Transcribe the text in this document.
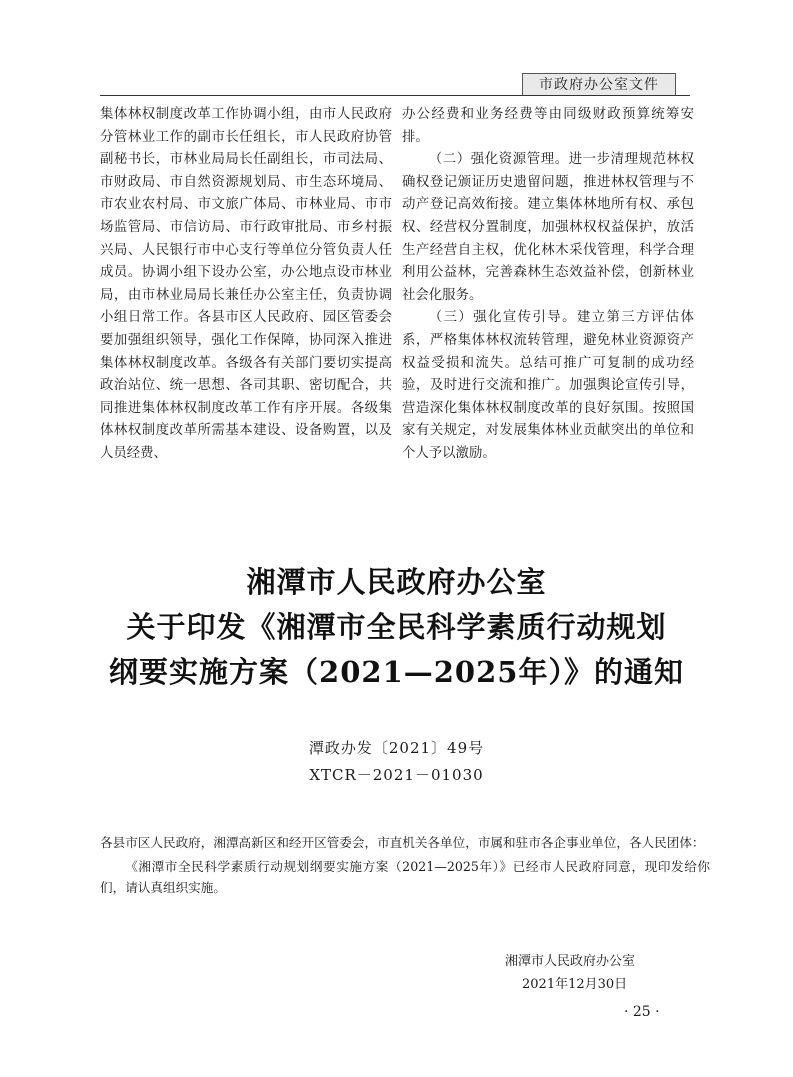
市政府办公室文件

集体林权制度改革工作协调小组，由市人民政府分管林业工作的副市长任组长，市人民政府协管副秘书长，市林业局局长任副组长，市司法局、市财政局、市自然资源规划局、市生态环境局、市农业农村局、市文旅广体局、市林业局、市市场监管局、市信访局、市行政审批局、市乡村振兴局、人民银行市中心支行等单位分管负责人任成员。协调小组下设办公室，办公地点设市林业局，由市林业局局长兼任办公室主任，负责协调小组日常工作。各县市区人民政府、园区管委会要加强组织领导，强化工作保障，协同深入推进集体林权制度改革。各级各有关部门要切实提高政治站位、统一思想、各司其职、密切配合，共同推进集体林权制度改革工作有序开展。各级集体林权制度改革所需基本建设、设备购置，以及人员经费、

办公经费和业务经费等由同级财政预算统筹安排。

（二）强化资源管理。进一步清理规范林权确权登记颁证历史遗留问题，推进林权管理与不动产登记高效衔接。建立集体林地所有权、承包权、经营权分置制度，加强林权权益保护，放活生产经营自主权，优化林木采伐管理，科学合理利用公益林，完善森林生态效益补偿，创新林业社会化服务。

（三）强化宣传引导。建立第三方评估体系，严格集体林权流转管理，避免林业资源资产权益受损和流失。总结可推广可复制的成功经验，及时进行交流和推广。加强舆论宣传引导，营造深化集体林权制度改革的良好氛围。按照国家有关规定，对发展集体林业贡献突出的单位和个人予以激励。

湘潭市人民政府办公室
关于印发《湘潭市全民科学素质行动规划
纲要实施方案（2021—2025年）》的通知
潭政办发〔2021〕49号
XTCR－2021－01030

各县市区人民政府，湘潭高新区和经开区管委会，市直机关各单位，市属和驻市各企事业单位，各人民团体：

《湘潭市全民科学素质行动规划纲要实施方案（2021—2025年）》已经市人民政府同意，现印发给你们，请认真组织实施。

湘潭市人民政府办公室
2021年12月30日
· 25 ·
